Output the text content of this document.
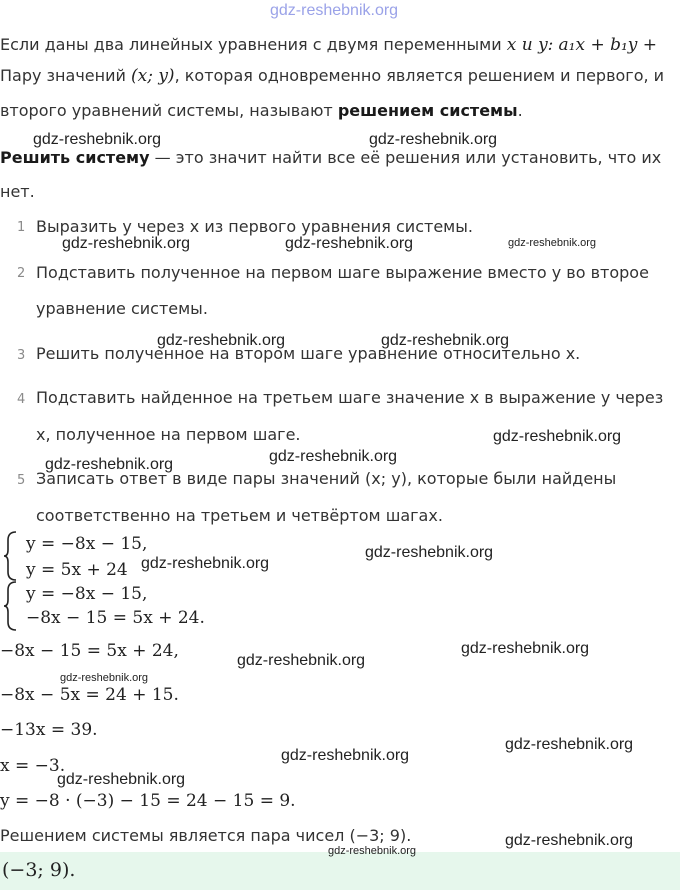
gdz-reshebnik.org
Если даны два линейных уравнения с двумя переменными x и y: a₁x + b₁y +
Пару значений (x; y), которая одновременно является решением и первого, и
второго уравнений системы, называют решением системы.
Решить систему — это значит найти все её решения или установить, что их
нет.
1 Выразить y через x из первого уравнения системы.
2 Подставить полученное на первом шаге выражение вместо y во второе
уравнение системы.
3 Решить полученное на втором шаге уравнение относительно x.
4 Подставить найденное на третьем шаге значение x в выражение y через
x, полученное на первом шаге.
5 Записать ответ в виде пары значений (x; y), которые были найдены
соответственно на третьем и четвёртом шагах.
y = −8x − 15,
y = 5x + 24
y = −8x − 15,
−8x − 15 = 5x + 24.
−8x − 15 = 5x + 24,
−8x − 5x = 24 + 15.
−13x = 39.
x = −3.
y = −8 · (−3) − 15 = 24 − 15 = 9.
Решением системы является пара чисел (−3; 9).
(−3; 9).
gdz-reshebnik.org	gdz-reshebnik.org
gdz-reshebnik.org	gdz-reshebnik.org	gdz-reshebnik.org
gdz-reshebnik.org	gdz-reshebnik.org
gdz-reshebnik.org
gdz-reshebnik.org
gdz-reshebnik.org
gdz-reshebnik.org
gdz-reshebnik.org
gdz-reshebnik.org
gdz-reshebnik.org
gdz-reshebnik.org
gdz-reshebnik.org
gdz-reshebnik.org
gdz-reshebnik.org
gdz-reshebnik.org
gdz-reshebnik.org
